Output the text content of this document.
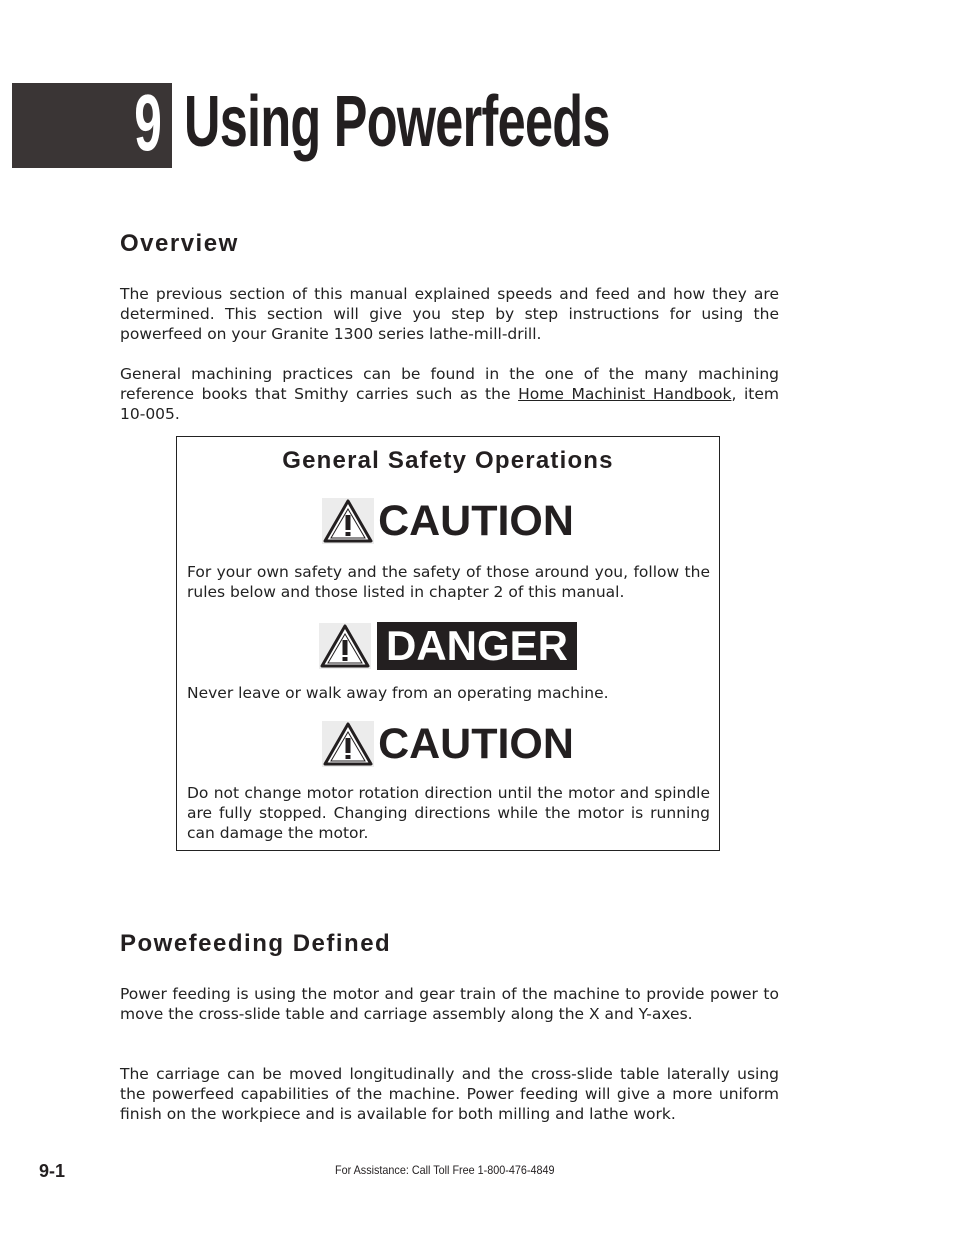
9 Using Powerfeeds
Overview

The previous section of this manual explained speeds and feed and how they are determined. This section will give you step by step instructions for using the powerfeed on your Granite 1300 series lathe-mill-drill.

General machining practices can be found in the one of the many machining reference books that Smithy carries such as the Home Machinist Handbook, item 10-005.

General Safety Operations
CAUTION

For your own safety and the safety of those around you, follow the rules below and those listed in chapter 2 of this manual.

DANGER

Never leave or walk away from an operating machine.

CAUTION

Do not change motor rotation direction until the motor and spindle are fully stopped. Changing directions while the motor is running can damage the motor.

Powefeeding Defined

Power feeding is using the motor and gear train of the machine to provide power to move the cross-slide table and carriage assembly along the X and Y-axes.

The carriage can be moved longitudinally and the cross-slide table laterally using the powerfeed capabilities of the machine. Power feeding will give a more uniform finish on the workpiece and is available for both milling and lathe work.

9-1	For Assistance: Call Toll Free 1-800-476-4849
